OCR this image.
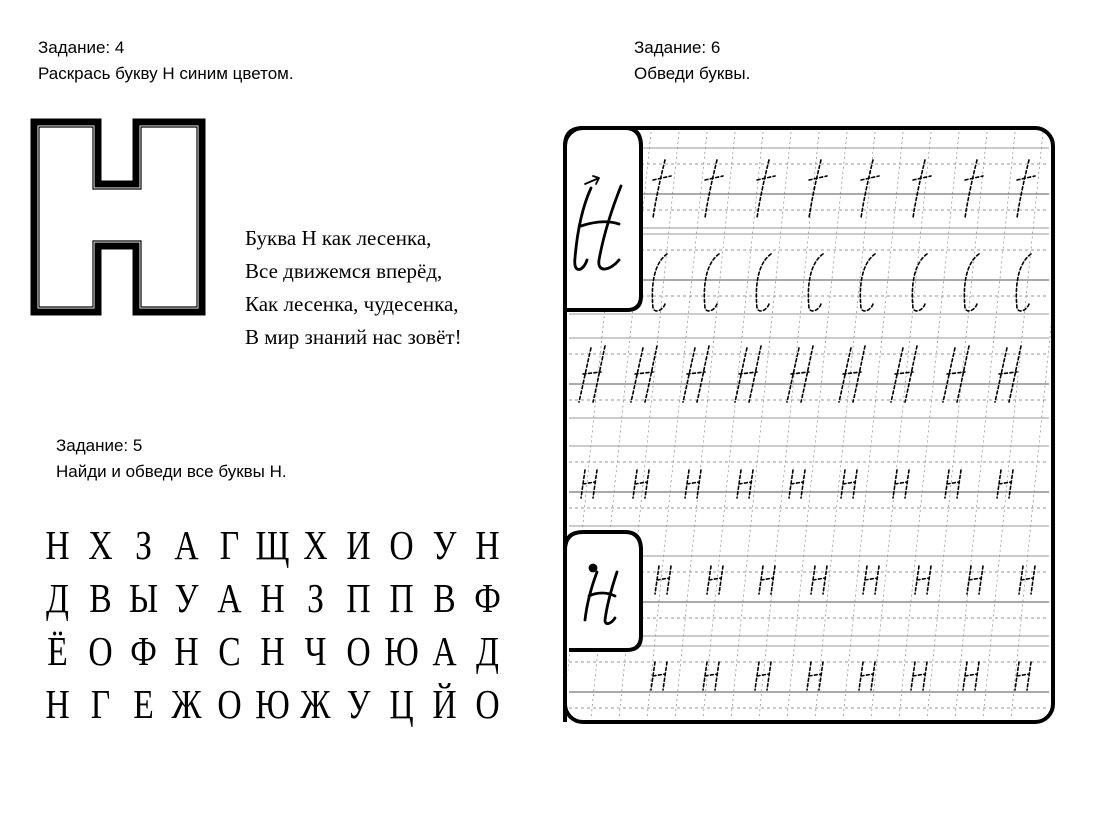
Задание: 4
Раскрась букву Н синим цветом.
Буква Н как лесенка,
Все движемся вперёд,
Как лесенка, чудесенка,
В мир знаний нас зовёт!
Задание: 5
Найди и обведи все буквы Н.
Н Х З А Г Щ Х И О У Н
Д В Ы У А Н З П П В Ф
Ё О Ф Н С Н Ч О Ю А Д
Н Г Е Ж О Ю Ж У Ц Й О
Задание: 6
Обведи буквы.
